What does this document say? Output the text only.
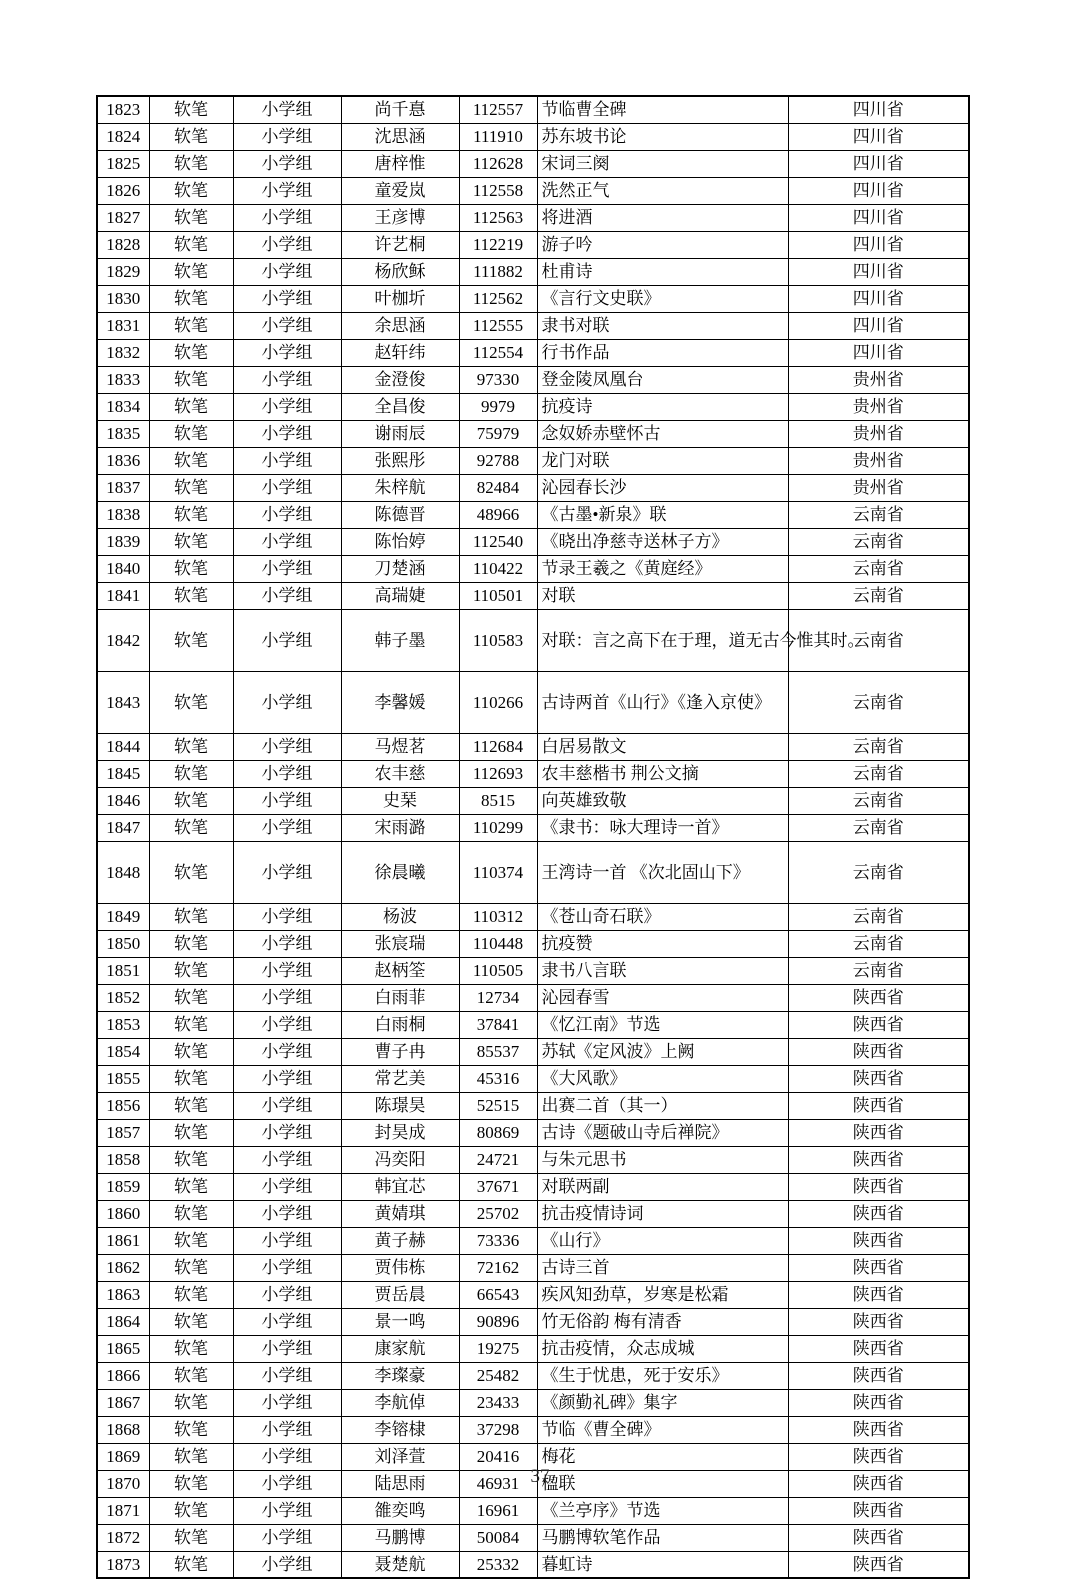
1823	软笔	小学组	尚千惪	112557	节临曹全碑	四川省
1824	软笔	小学组	沈思涵	111910	苏东坡书论	四川省
1825	软笔	小学组	唐梓惟	112628	宋词三阕	四川省
1826	软笔	小学组	童爱岚	112558	洗然正气	四川省
1827	软笔	小学组	王彦博	112563	将进酒	四川省
1828	软笔	小学组	许艺桐	112219	游子吟	四川省
1829	软笔	小学组	杨欣稣	111882	杜甫诗	四川省
1830	软笔	小学组	叶枷圻	112562	《言行文史联》	四川省
1831	软笔	小学组	余思涵	112555	隶书对联	四川省
1832	软笔	小学组	赵轩纬	112554	行书作品	四川省
1833	软笔	小学组	金澄俊	97330	登金陵凤凰台	贵州省
1834	软笔	小学组	全昌俊	9979	抗疫诗	贵州省
1835	软笔	小学组	谢雨辰	75979	念奴娇赤壁怀古	贵州省
1836	软笔	小学组	张熙彤	92788	龙门对联	贵州省
1837	软笔	小学组	朱梓航	82484	沁园春长沙	贵州省
1838	软笔	小学组	陈德晋	48966	《古墨•新泉》联	云南省
1839	软笔	小学组	陈怡婷	112540	《晓出净慈寺送林子方》	云南省
1840	软笔	小学组	刀楚涵	110422	节录王羲之《黄庭经》	云南省
1841	软笔	小学组	高瑞婕	110501	对联	云南省
1842	软笔	小学组	韩子墨	110583	对联：言之高下在于理，道无古今惟其时。	云南省
1843	软笔	小学组	李馨媛	110266	古诗两首《山行》《逢入京使》	云南省
1844	软笔	小学组	马煜茗	112684	白居易散文	云南省
1845	软笔	小学组	农丰慈	112693	农丰慈楷书 荆公文摘	云南省
1846	软笔	小学组	史琹	8515	向英雄致敬	云南省
1847	软笔	小学组	宋雨潞	110299	《隶书：咏大理诗一首》	云南省
1848	软笔	小学组	徐晨曦	110374	王湾诗一首 《次北固山下》	云南省
1849	软笔	小学组	杨波	110312	《苍山奇石联》	云南省
1850	软笔	小学组	张宸瑞	110448	抗疫赞	云南省
1851	软笔	小学组	赵柄筌	110505	隶书八言联	云南省
1852	软笔	小学组	白雨菲	12734	沁园春雪	陕西省
1853	软笔	小学组	白雨桐	37841	《忆江南》节选	陕西省
1854	软笔	小学组	曹子冉	85537	苏轼《定风波》上阙	陕西省
1855	软笔	小学组	常艺美	45316	《大风歌》	陕西省
1856	软笔	小学组	陈璟昊	52515	出赛二首（其一）	陕西省
1857	软笔	小学组	封昊成	80869	古诗《题破山寺后禅院》	陕西省
1858	软笔	小学组	冯奕阳	24721	与朱元思书	陕西省
1859	软笔	小学组	韩宜芯	37671	对联两副	陕西省
1860	软笔	小学组	黄婧琪	25702	抗击疫情诗词	陕西省
1861	软笔	小学组	黄子赫	73336	《山行》	陕西省
1862	软笔	小学组	贾伟栋	72162	古诗三首	陕西省
1863	软笔	小学组	贾岳晨	66543	疾风知劲草，岁寒是松霜	陕西省
1864	软笔	小学组	景一鸣	90896	竹无俗韵 梅有清香	陕西省
1865	软笔	小学组	康家航	19275	抗击疫情，众志成城	陕西省
1866	软笔	小学组	李璨豪	25482	《生于忧患，死于安乐》	陕西省
1867	软笔	小学组	李航倬	23433	《颜勤礼碑》集字	陕西省
1868	软笔	小学组	李镕棣	37298	节临《曹全碑》	陕西省
1869	软笔	小学组	刘泽萱	20416	梅花	陕西省
1870	软笔	小学组	陆思雨	46931	楹联	陕西省
1871	软笔	小学组	雒奕鸣	16961	《兰亭序》节选	陕西省
1872	软笔	小学组	马鹏博	50084	马鹏博软笔作品	陕西省
1873	软笔	小学组	聂楚航	25332	暮虹诗	陕西省
37
